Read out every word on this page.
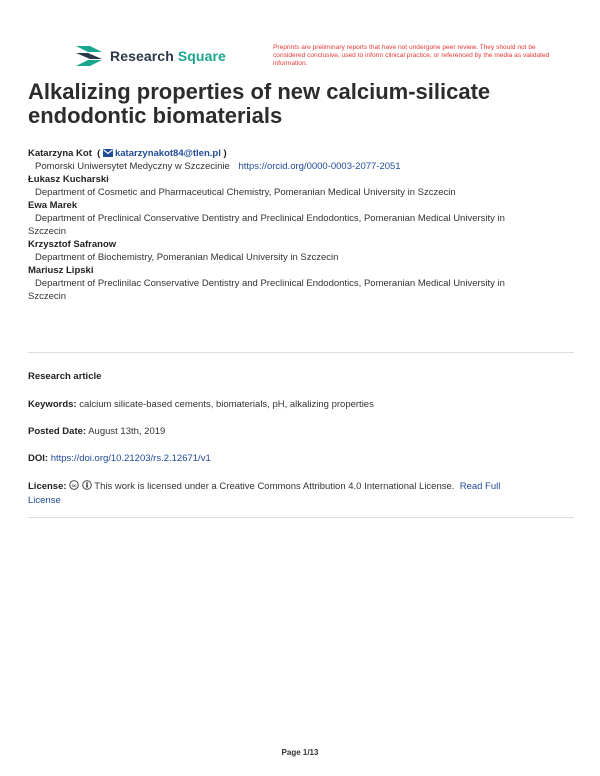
Research Square
Preprints are preliminary reports that have not undergone peer review. They should not be considered conclusive, used to inform clinical practice, or referenced by the media as validated information.
Alkalizing properties of new calcium-silicate endodontic biomaterials
Katarzyna Kot  ( katarzynakot84@tlen.pl )
Pomorski Uniwersytet Medyczny w Szczecinie https://orcid.org/0000-0003-2077-2051
Łukasz Kucharski
Department of Cosmetic and Pharmaceutical Chemistry, Pomeranian Medical University in Szczecin
Ewa Marek
Department of Preclinical Conservative Dentistry and Preclinical Endodontics, Pomeranian Medical University in
Szczecin
Krzysztof Safranow
Department of Biochemistry, Pomeranian Medical University in Szczecin
Mariusz Lipski
Department of Preclinilac Conservative Dentistry and Preclinical Endodontics, Pomeranian Medical University in
Szczecin
Research article
Keywords: calcium silicate-based cements, biomaterials, pH, alkalizing properties
Posted Date: August 13th, 2019
DOI: https://doi.org/10.21203/rs.2.12671/v1
License: cc This work is licensed under a Creative Commons Attribution 4.0 International License. Read Full
License
Page 1/13
